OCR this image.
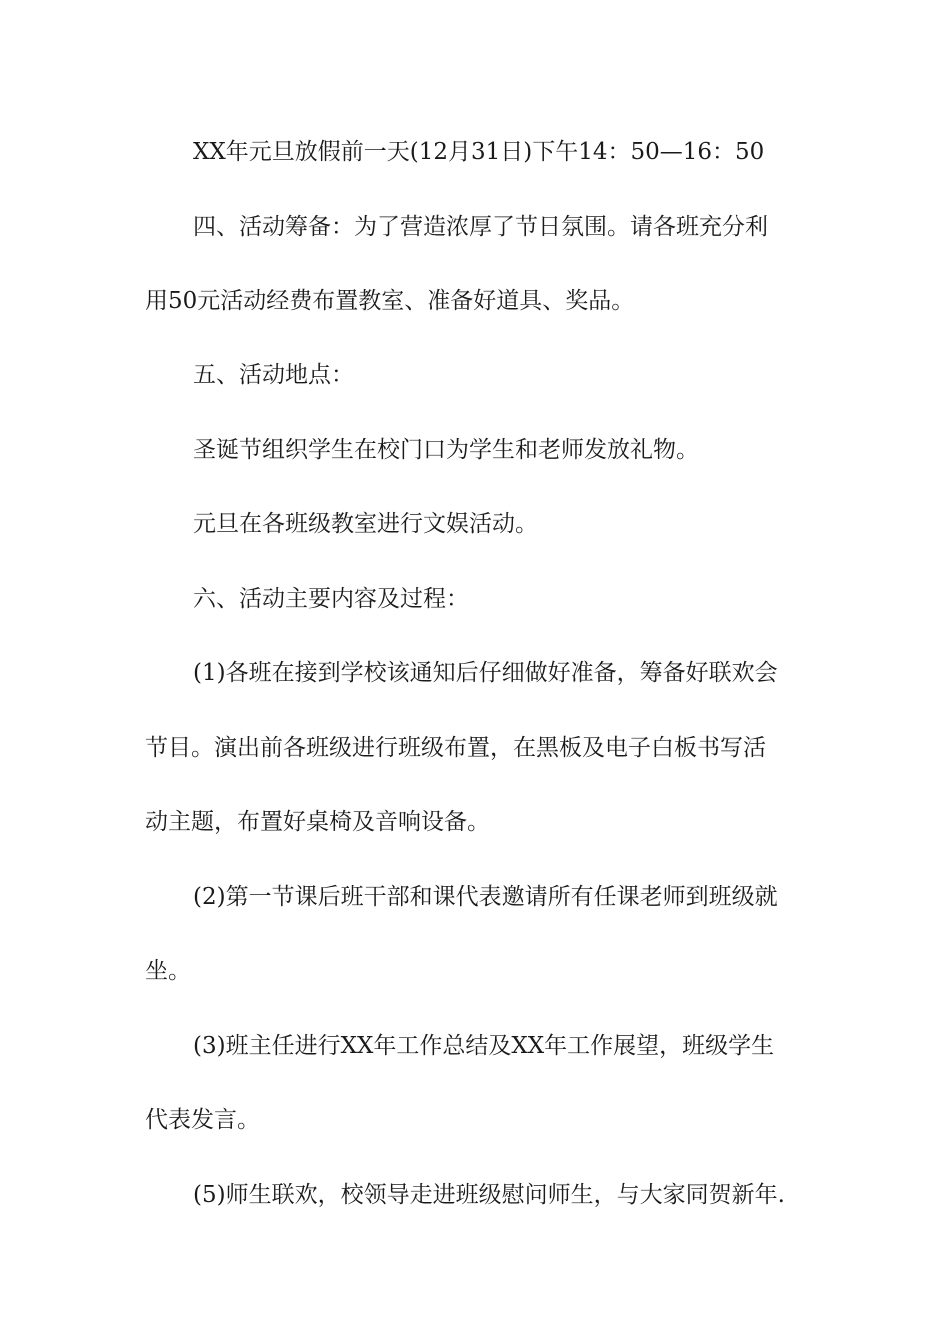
XX年元旦放假前一天(12月31日)下午14：50—16：50
四、活动筹备：为了营造浓厚了节日氛围。请各班充分利
用50元活动经费布置教室、准备好道具、奖品。
五、活动地点：
圣诞节组织学生在校门口为学生和老师发放礼物。
元旦在各班级教室进行文娱活动。
六、活动主要内容及过程：
(1)各班在接到学校该通知后仔细做好准备，筹备好联欢会
节目。演出前各班级进行班级布置，在黑板及电子白板书写活
动主题，布置好桌椅及音响设备。
(2)第一节课后班干部和课代表邀请所有任课老师到班级就
坐。
(3)班主任进行XX年工作总结及XX年工作展望，班级学生
代表发言。
(5)师生联欢，校领导走进班级慰问师生，与大家同贺新年.
